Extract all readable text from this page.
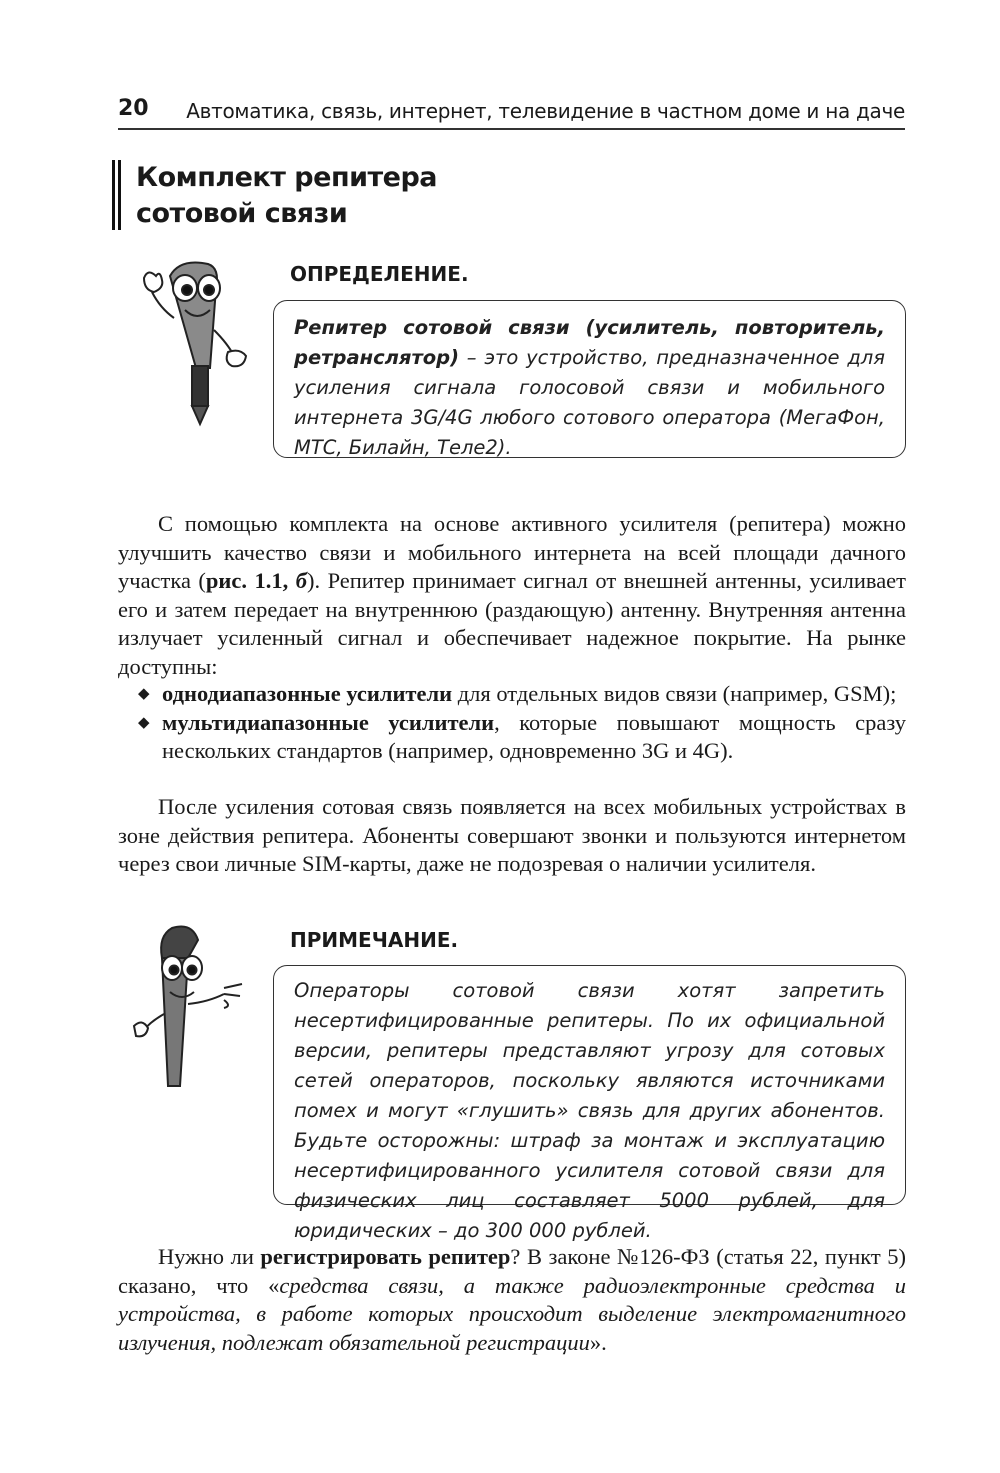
20 Автоматика, связь, интернет, телевидение в частном доме и на даче
Комплект репитера
сотовой связи
ОПРЕДЕЛЕНИЕ.
Репитер сотовой связи (усилитель, повторитель, ретранслятор) – это устройство, предназначенное для усиления сигнала голосовой связи и мобильного интернета 3G/4G любого сотового оператора (МегаФон, МТС, Билайн, Теле2).

С помощью комплекта на основе активного усилителя (репитера) можно улучшить качество связи и мобильного интернета на всей площади дачного участка (рис. 1.1, б). Репитер принимает сигнал от внешней антенны, усиливает его и затем передает на внутреннюю (раздающую) антенну. Внутренняя антенна излучает усиленный сигнал и обеспечивает надежное покрытие. На рынке доступны:

◆ однодиапазонные усилители для отдельных видов связи (например, GSM);
◆ мультидиапазонные усилители, которые повышают мощность сразу нескольких стандартов (например, одновременно 3G и 4G).

После усиления сотовая связь появляется на всех мобильных устройствах в зоне действия репитера. Абоненты совершают звонки и пользуются интернетом через свои личные SIM-карты, даже не подозревая о наличии усилителя.

ПРИМЕЧАНИЕ.
Операторы сотовой связи хотят запретить несертифицированные репитеры. По их официальной версии, репитеры представляют угрозу для сотовых сетей операторов, поскольку являются источниками помех и могут «глушить» связь для других абонентов. Будьте осторожны: штраф за монтаж и эксплуатацию несертифицированного усилителя сотовой связи для физических лиц составляет 5000 рублей, для юридических – до 300 000 рублей.

Нужно ли регистрировать репитер? В законе №126-ФЗ (статья 22, пункт 5) сказано, что «средства связи, а также радиоэлектронные средства и устройства, в работе которых происходит выделение электромагнитного излучения, подлежат обязательной регистрации».
